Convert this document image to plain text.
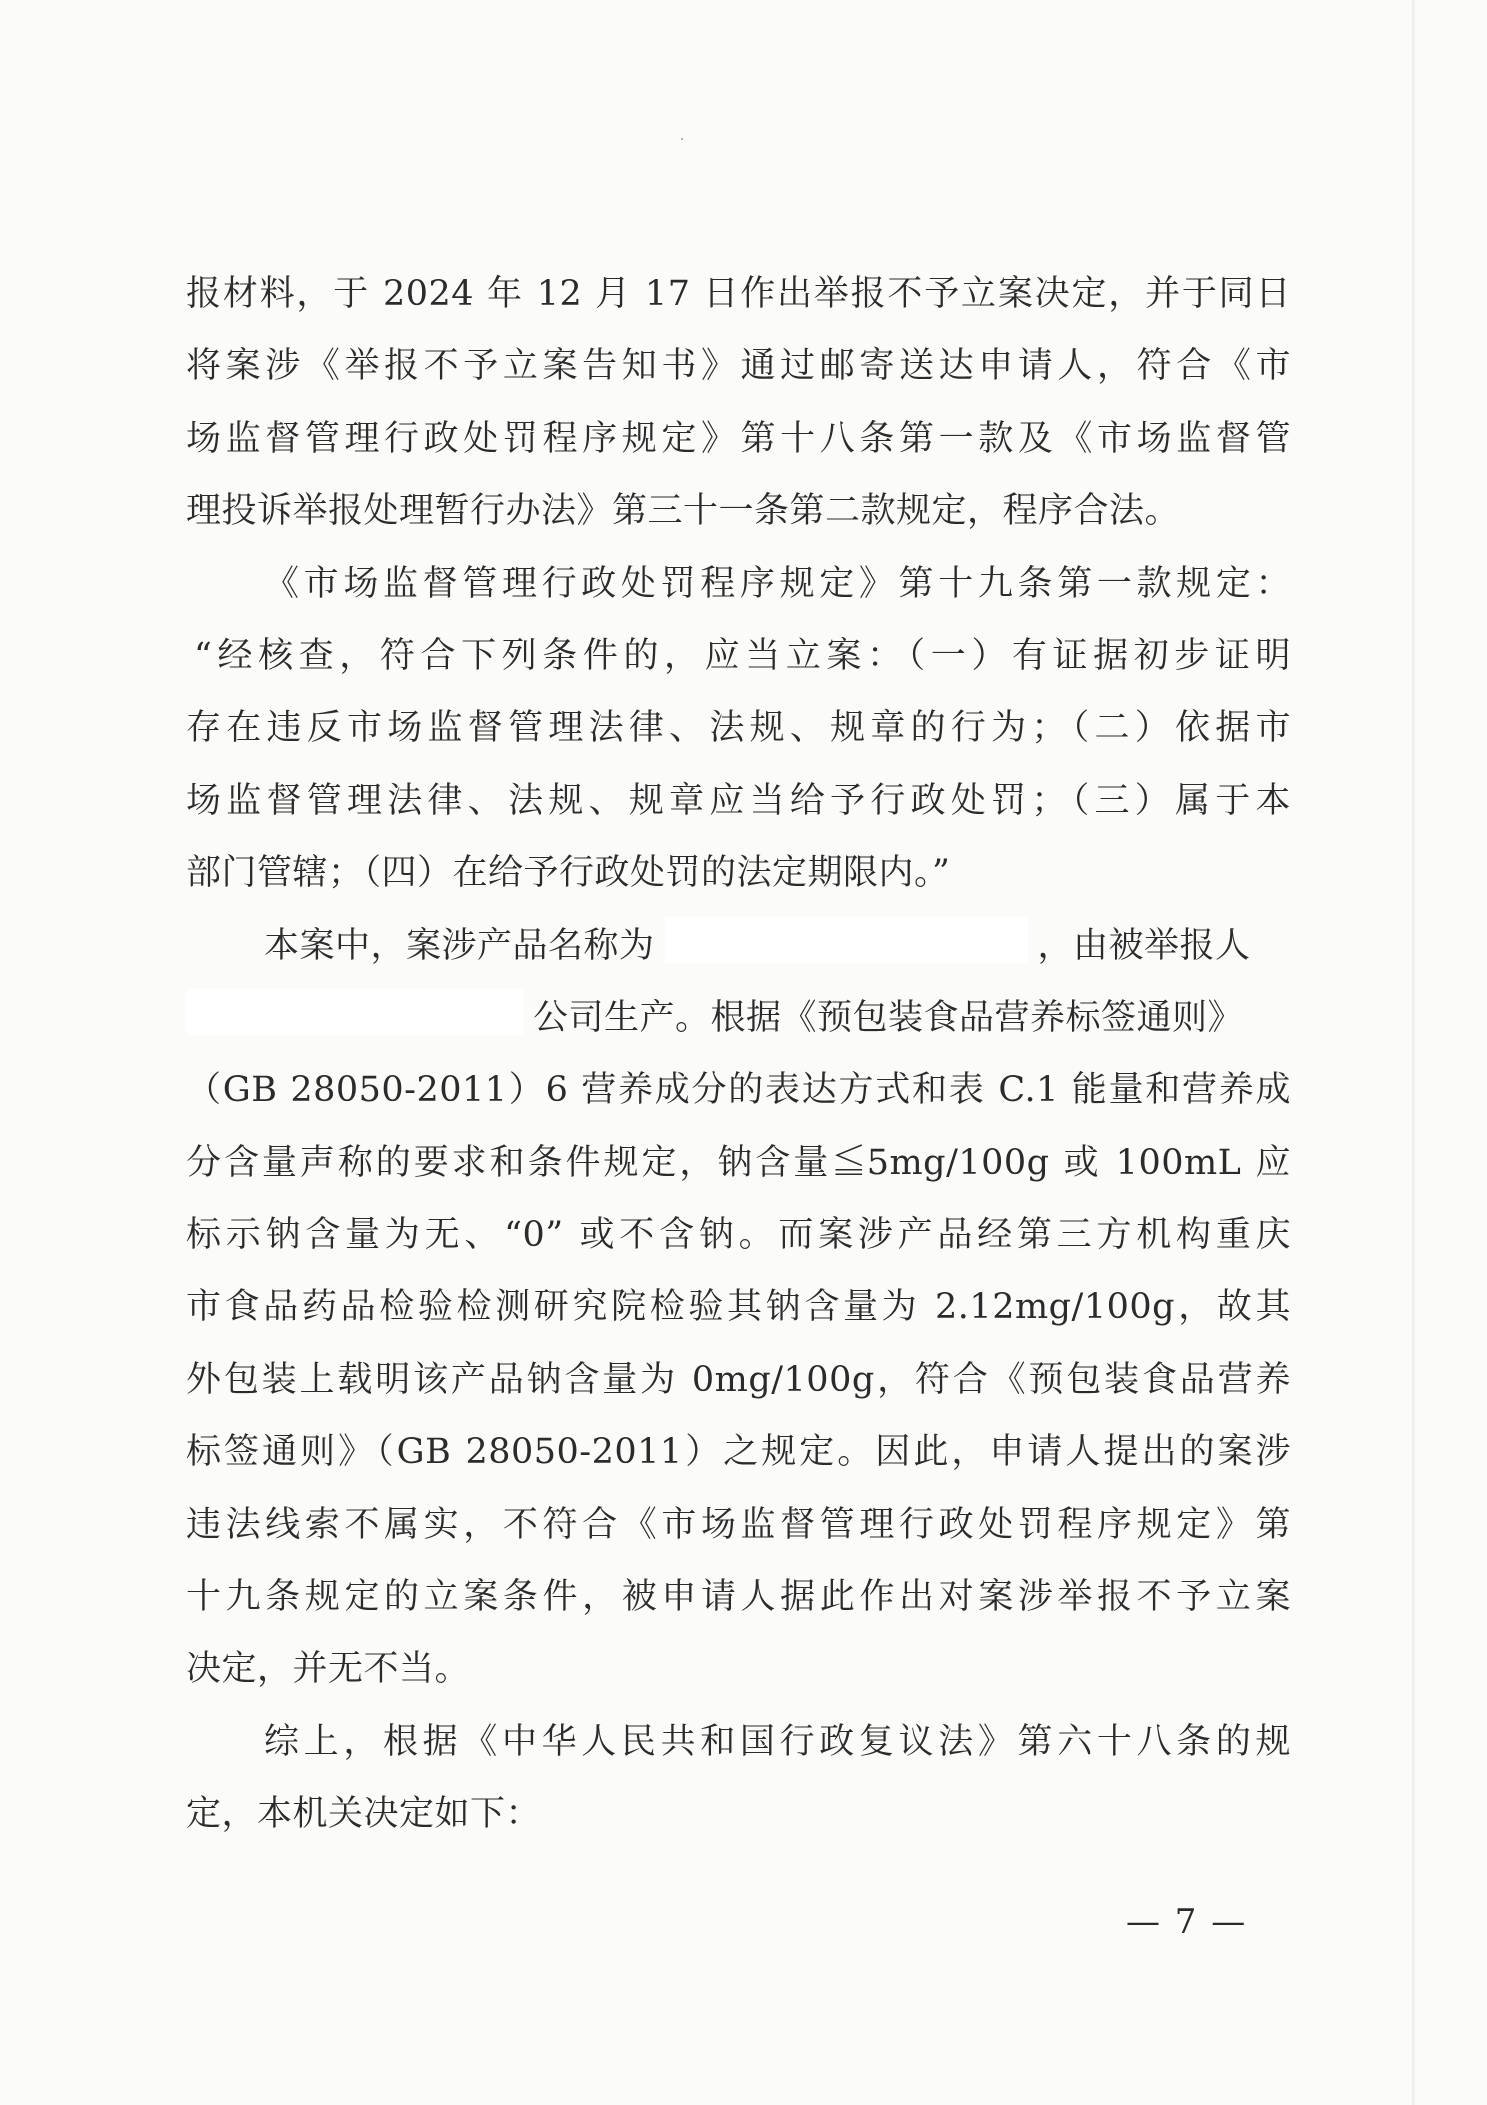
报材料，于 2024 年 12 月 17 日作出举报不予立案决定，并于同日
将案涉《举报不予立案告知书》通过邮寄送达申请人，符合《市
场监督管理行政处罚程序规定》第十八条第一款及《市场监督管
理投诉举报处理暂行办法》第三十一条第二款规定，程序合法。
《市场监督管理行政处罚程序规定》第十九条第一款规定：
“经核查，符合下列条件的，应当立案：（一）有证据初步证明
存在违反市场监督管理法律、法规、规章的行为；（二）依据市
场监督管理法律、法规、规章应当给予行政处罚；（三）属于本
部门管辖；（四）在给予行政处罚的法定期限内。”
本案中，案涉产品名称为	，由被举报人
公司生产。根据《预包装食品营养标签通则》
（GB 28050-2011）6 营养成分的表达方式和表 C.1 能量和营养成
分含量声称的要求和条件规定，钠含量≦5mg/100g 或 100mL 应
标示钠含量为无、“0” 或不含钠。而案涉产品经第三方机构重庆
市食品药品检验检测研究院检验其钠含量为 2.12mg/100g，故其
外包装上载明该产品钠含量为 0mg/100g，符合《预包装食品营养
标签通则》（GB 28050-2011）之规定。因此，申请人提出的案涉
违法线索不属实，不符合《市场监督管理行政处罚程序规定》第
十九条规定的立案条件，被申请人据此作出对案涉举报不予立案
决定，并无不当。
综上，根据《中华人民共和国行政复议法》第六十八条的规
定，本机关决定如下：
— 7 —
